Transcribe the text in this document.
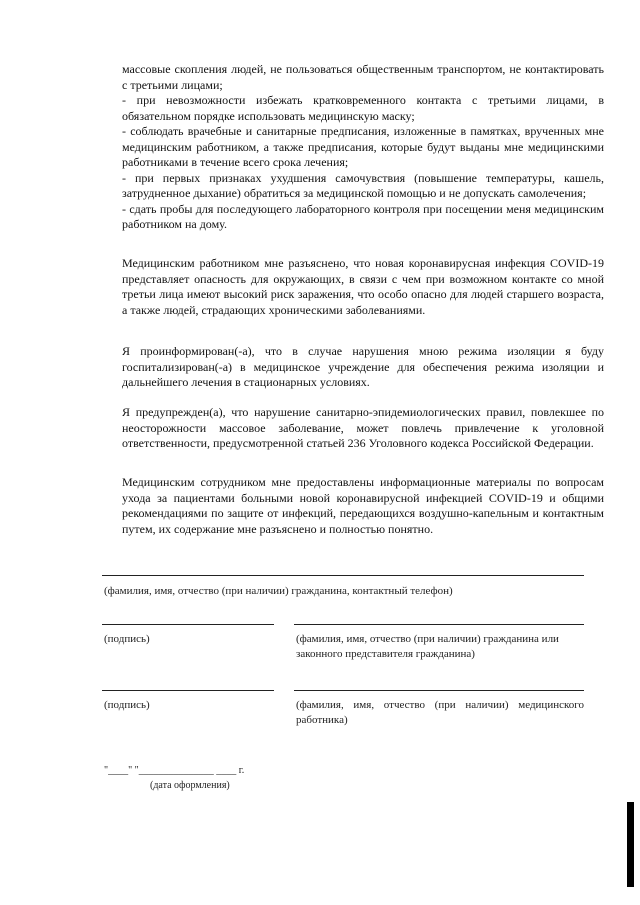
массовые скопления людей, не пользоваться общественным транспортом, не контактировать с третьими лицами;

- при невозможности избежать кратковременного контакта с третьими лицами, в обязательном порядке использовать медицинскую маску;

- соблюдать врачебные и санитарные предписания, изложенные в памятках, врученных мне медицинским работником, а также предписания, которые будут выданы мне медицинскими работниками в течение всего срока лечения;

- при первых признаках ухудшения самочувствия (повышение температуры, кашель, затрудненное дыхание) обратиться за медицинской помощью и не допускать самолечения;

- сдать пробы для последующего лабораторного контроля при посещении меня медицинским работником на дому.

Медицинским работником мне разъяснено, что новая коронавирусная инфекция COVID-19 представляет опасность для окружающих, в связи с чем при возможном контакте со мной третьи лица имеют высокий риск заражения, что особо опасно для людей старшего возраста, а также людей, страдающих хроническими заболеваниями.

Я проинформирован(-а), что в случае нарушения мною режима изоляции я буду госпитализирован(-а) в медицинское учреждение для обеспечения режима изоляции и дальнейшего лечения в стационарных условиях.

Я предупрежден(а), что нарушение санитарно-эпидемиологических правил, повлекшее по неосторожности массовое заболевание, может повлечь привлечение к уголовной ответственности, предусмотренной статьей 236 Уголовного кодекса Российской Федерации.

Медицинским сотрудником мне предоставлены информационные материалы по вопросам ухода за пациентами больными новой коронавирусной инфекцией COVID-19 и общими рекомендациями по защите от инфекций, передающихся воздушно-капельным и контактным путем, их содержание мне разъяснено и полностью понятно.

(фамилия, имя, отчество (при наличии) гражданина, контактный телефон)
(подпись)	(фамилия, имя, отчество (при наличии) гражданина или законного представителя гражданина)
(подпись)	(фамилия, имя, отчество (при наличии) медицинского работника)
"____" "_______________ ____ г.
(дата оформления)
